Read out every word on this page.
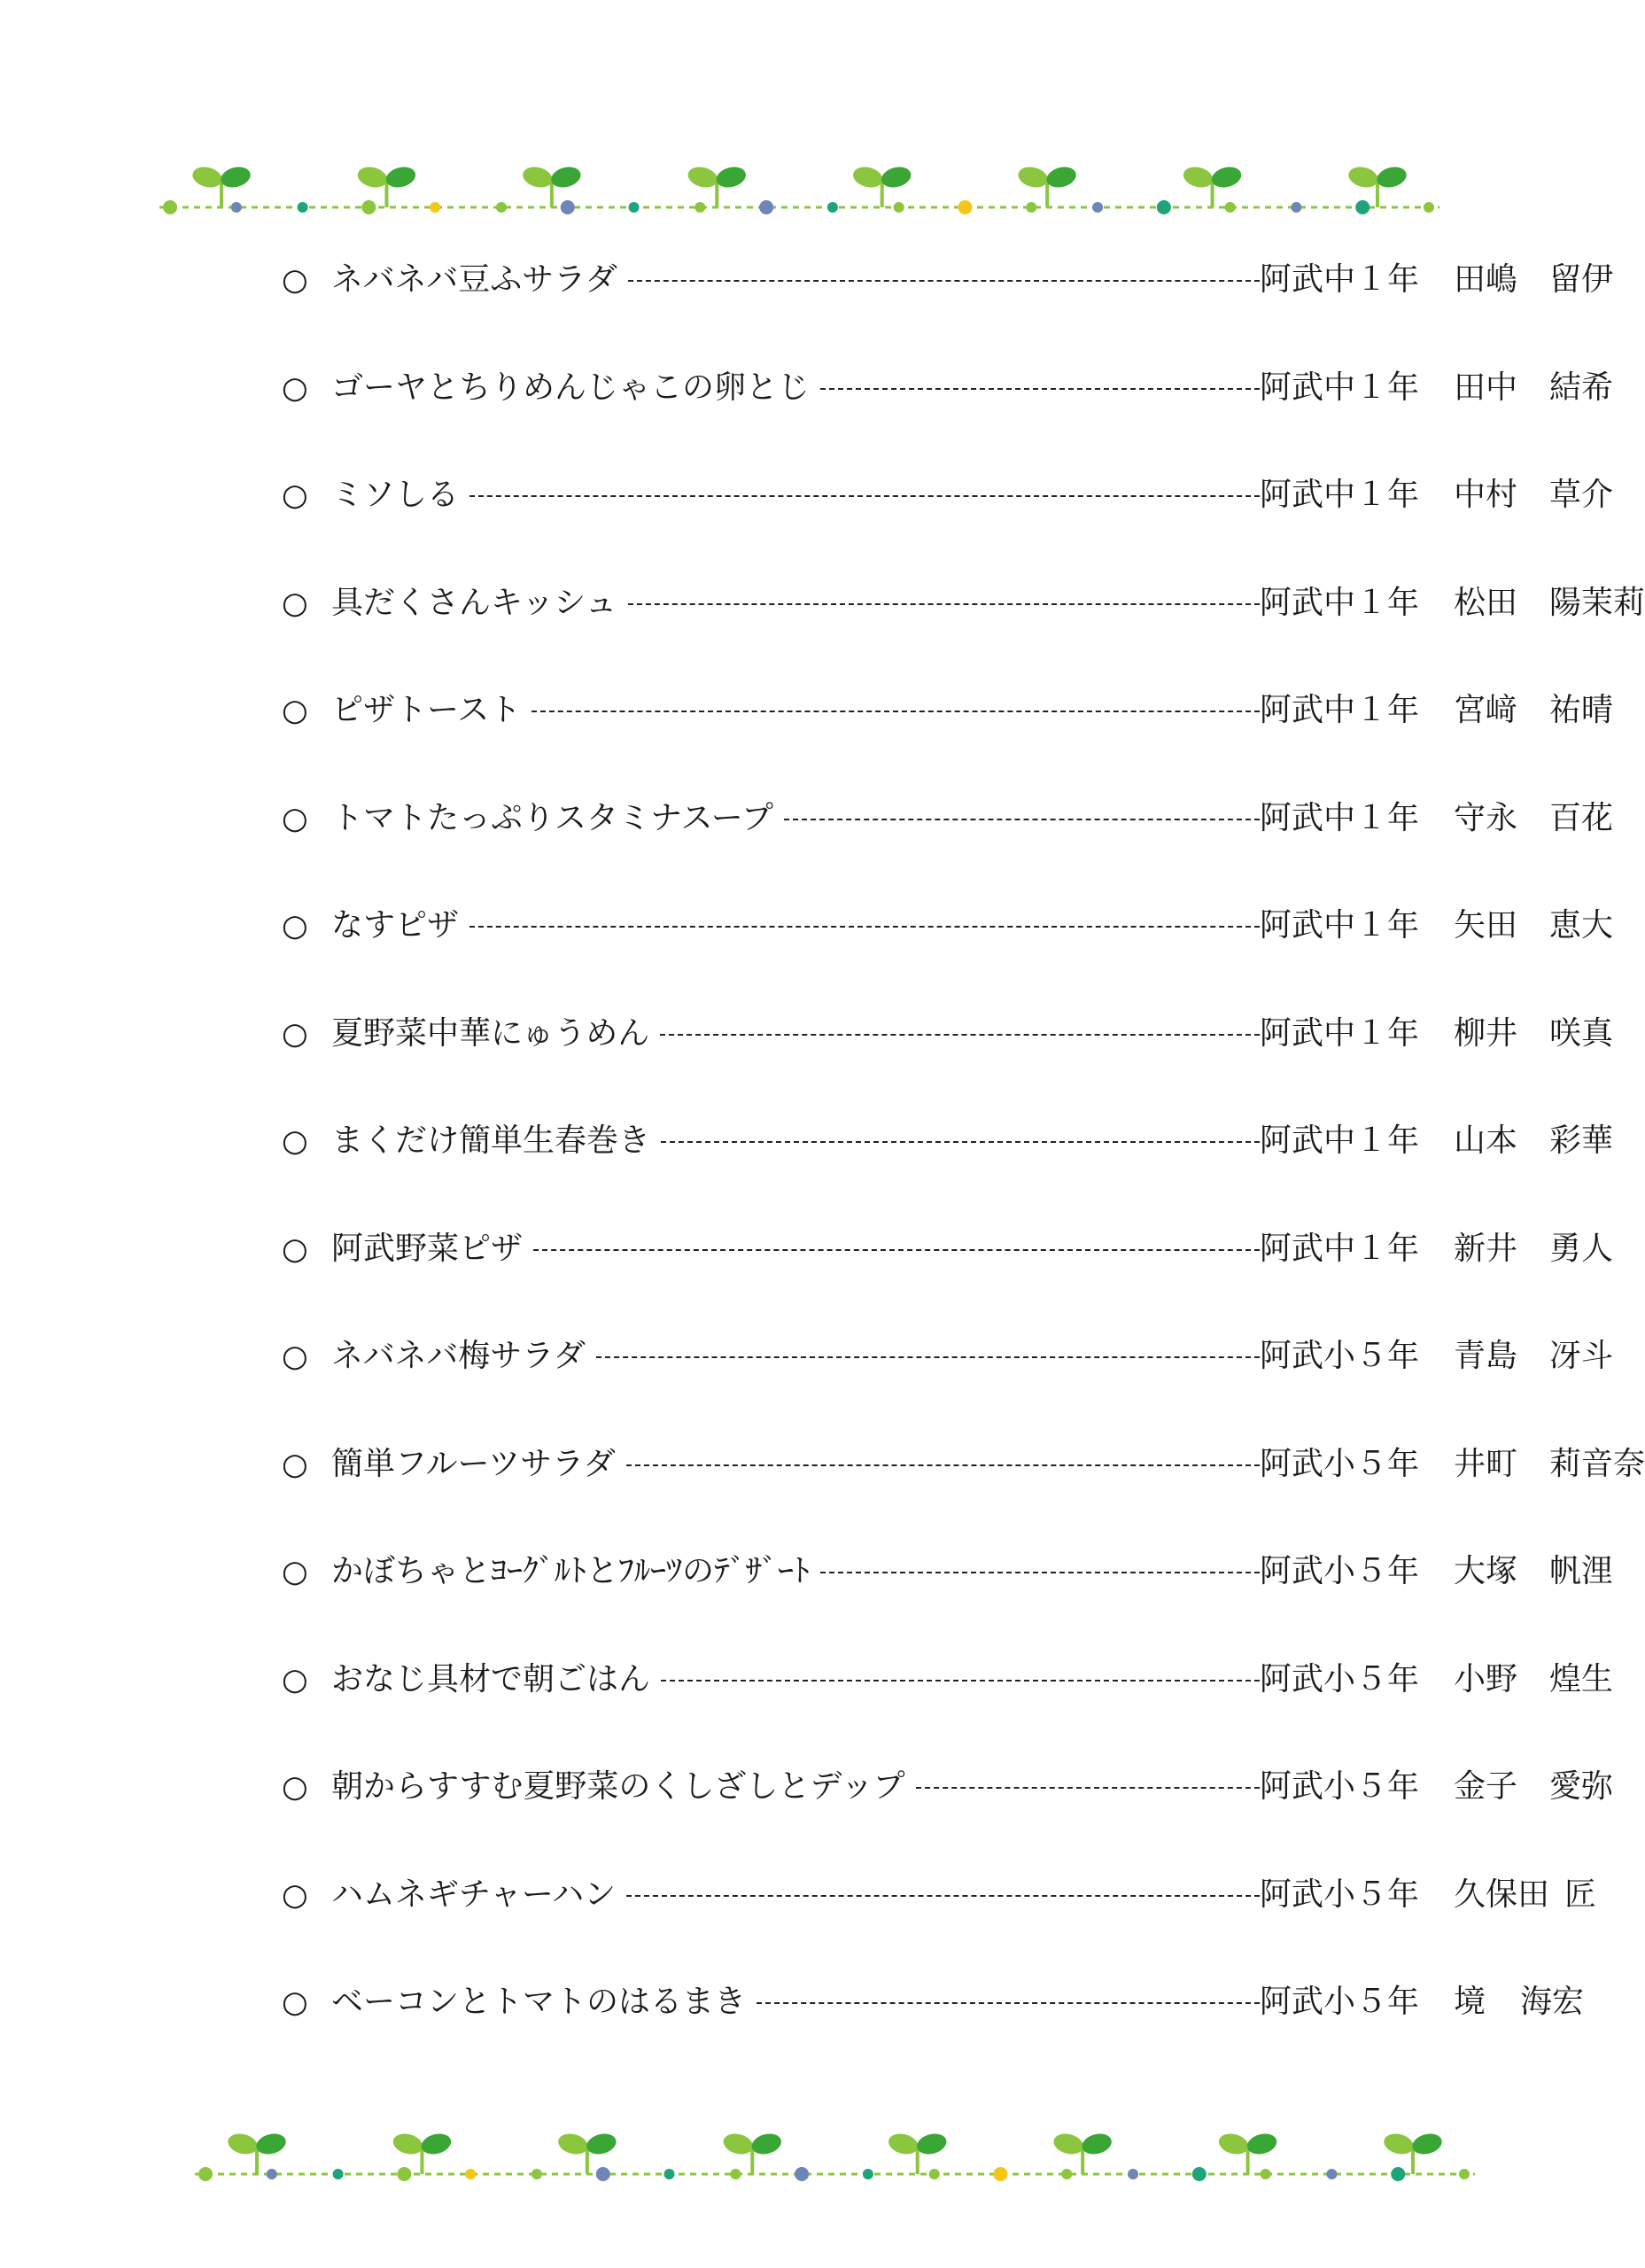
○ ネバネバ豆ふサラダ	阿武中１年 田嶋 留伊
○ ゴーヤとちりめんじゃこの卵とじ	阿武中１年 田中 結希
○ ミソしる	阿武中１年 中村 草介
○ 具だくさんキッシュ	阿武中１年 松田 陽茉莉
○ ピザトースト	阿武中１年 宮﨑 祐晴
○ トマトたっぷりスタミナスープ	阿武中１年 守永 百花
○ なすピザ	阿武中１年 矢田 恵大
○ 夏野菜中華にゅうめん	阿武中１年 柳井 咲真
○ まくだけ簡単生春巻き	阿武中１年 山本 彩華
○ 阿武野菜ピザ	阿武中１年 新井 勇人
○ ネバネバ梅サラダ	阿武小５年 青島 冴斗
○ 簡単フルーツサラダ	阿武小５年 井町 莉音奈
○ かぼちゃとﾖｰｸﾞﾙﾄとﾌﾙｰﾂのﾃﾞｻﾞｰﾄ	阿武小５年 大塚 帆浬
○ おなじ具材で朝ごはん	阿武小５年 小野 煌生
○ 朝からすすむ夏野菜のくしざしとデップ	阿武小５年 金子 愛弥
○ ハムネギチャーハン	阿武小５年 久保田 匠
○ ベーコンとトマトのはるまき	阿武小５年 境 海宏
